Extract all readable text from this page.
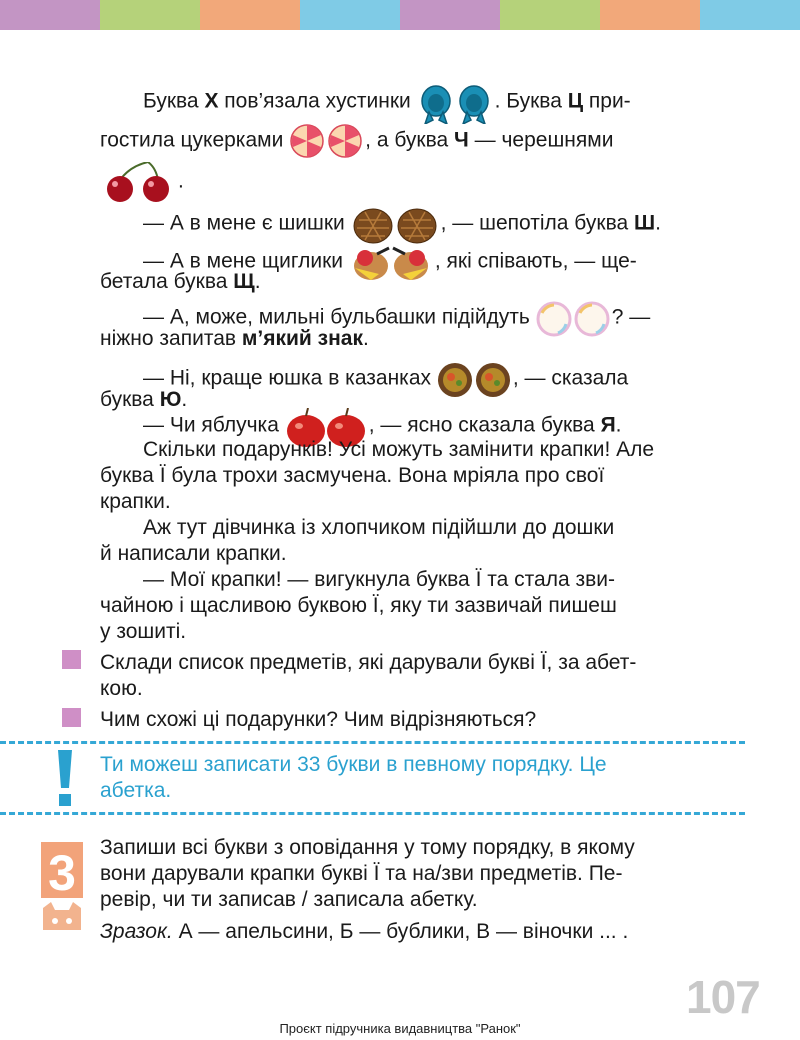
Буква Х пов’язала хустинки	. Буква Ц при-
гостила цукерками	, а буква Ч — черешнями
.
— А в мене є шишки	, — шепотіла буква Ш.
— А в мене щиглики	, які співають, — ще-
бетала буква Щ.
— А, може, мильні бульбашки підійдуть	? —
ніжно запитав м’який знак.
— Ні, краще юшка в казанках	, — сказала
буква Ю.
— Чи яблучка	, — ясно сказала буква Я.
Скільки подарунків! Усі можуть замінити крапки! Але
буква Ї була трохи засмучена. Вона мріяла про свої
крапки.
Аж тут дівчинка із хлопчиком підійшли до дошки
й написали крапки.
— Мої крапки! — вигукнула буква Ї та стала зви-
чайною і щасливою буквою Ї, яку ти зазвичай пишеш
у зошиті.
Склади список предметів, які дарували букві Ї, за абет-
кою.
Чим схожі ці подарунки? Чим відрізняються?
Ти можеш записати 33 букви в певному порядку. Це
абетка.
3 Запиши всі букви з оповідання у тому порядку, в якому
вони дарували крапки букві Ї та на/зви предметів. Пе-
ревір, чи ти записав / записала абетку.
Зразок. А — апельсини, Б — бублики, В — віночки ... .
107
Проєкт підручника видавництва "Ранок"
